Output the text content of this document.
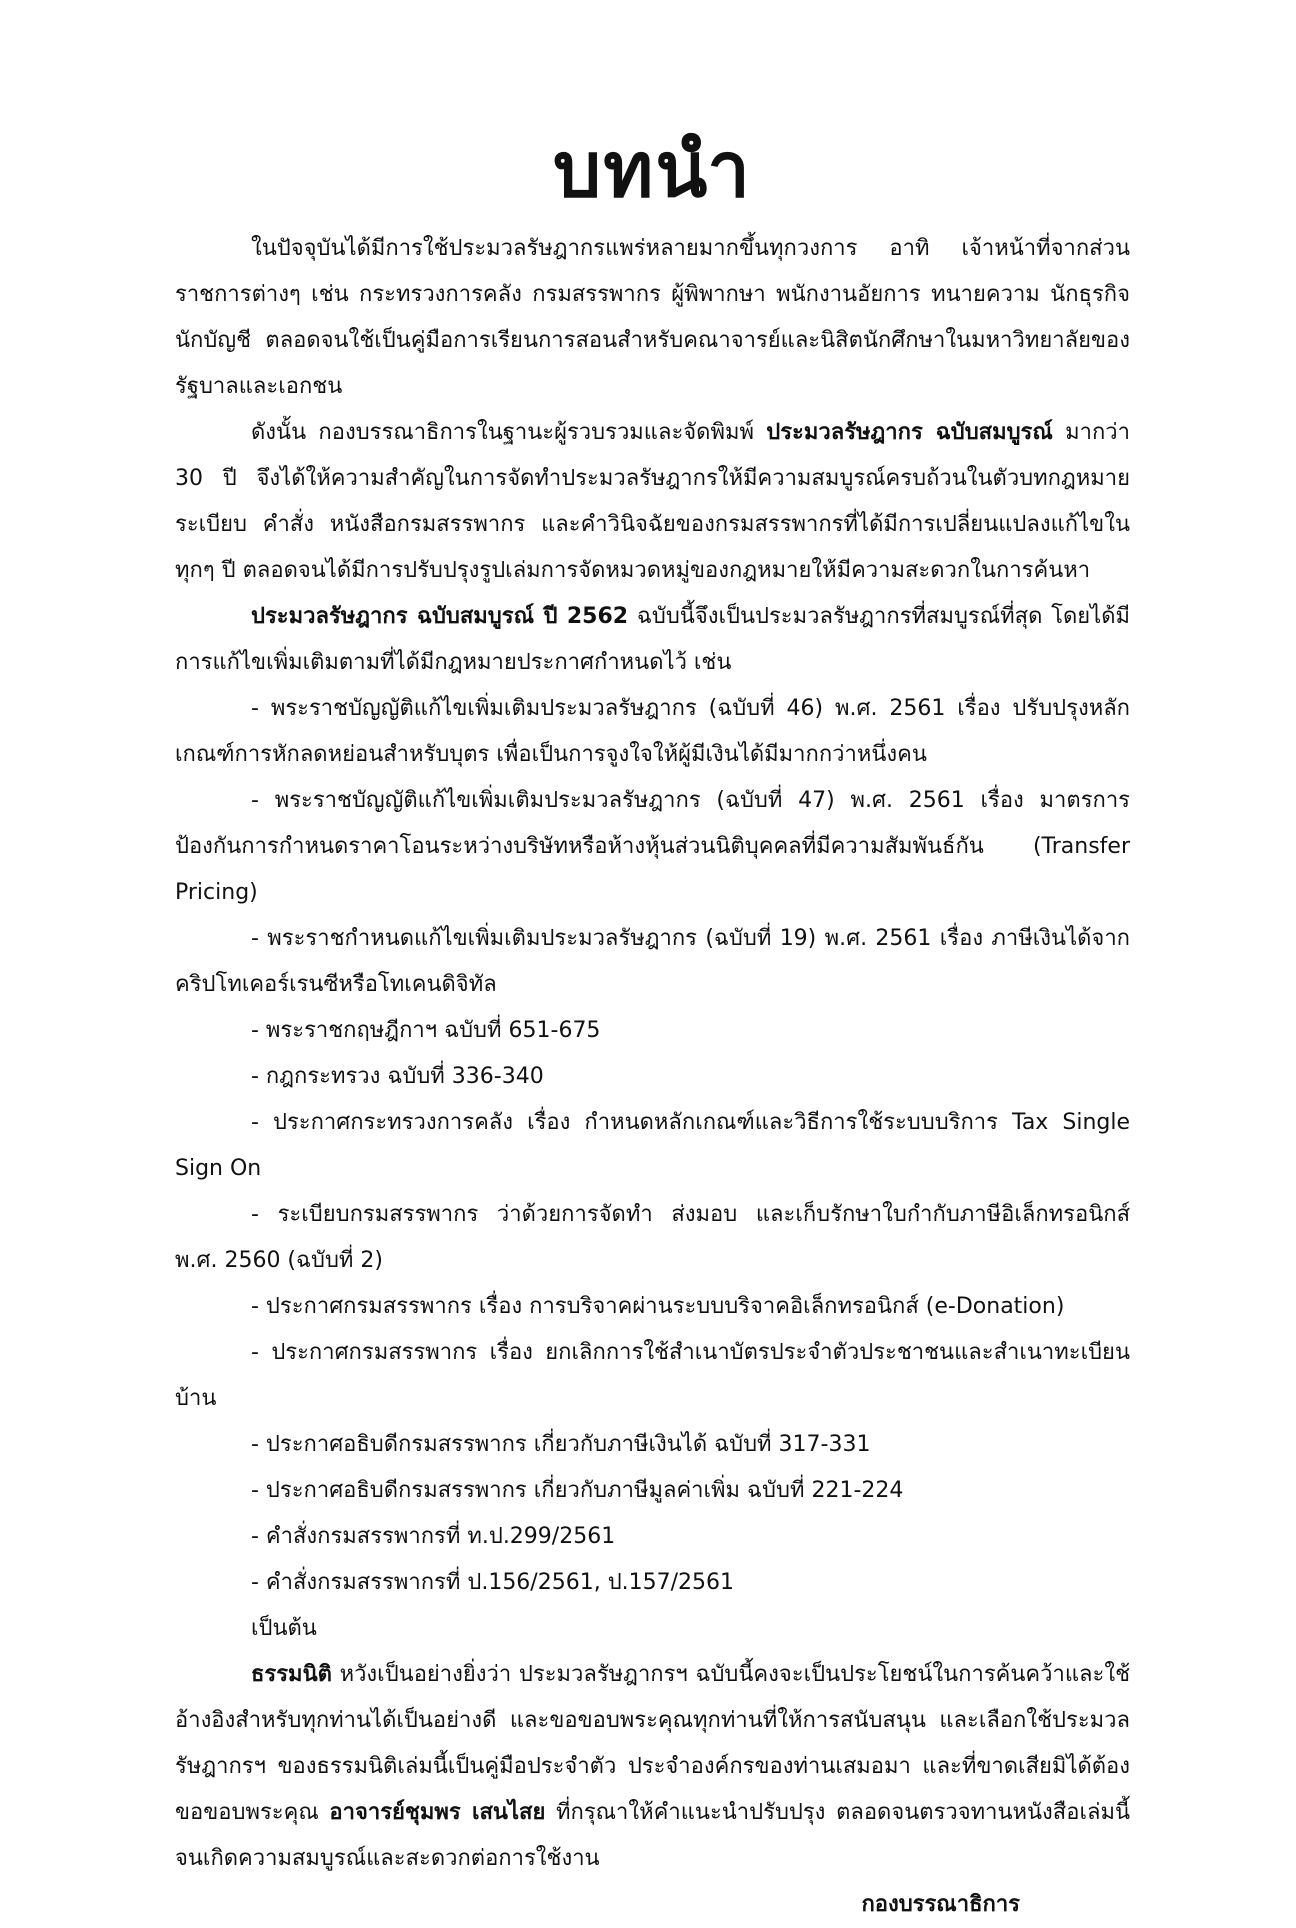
บทนำ

ในปัจจุบันได้มีการใช้ประมวลรัษฎากรแพร่หลายมากขึ้นทุกวงการ อาทิ เจ้าหน้าที่จากส่วนราชการต่างๆ เช่น กระทรวงการคลัง กรมสรรพากร ผู้พิพากษา พนักงานอัยการ ทนายความ นักธุรกิจ นักบัญชี ตลอดจนใช้เป็นคู่มือการเรียนการสอนสำหรับคณาจารย์และนิสิตนักศึกษาในมหาวิทยาลัยของรัฐบาลและเอกชน

ดังนั้น กองบรรณาธิการในฐานะผู้รวบรวมและจัดพิมพ์ ประมวลรัษฎากร ฉบับสมบูรณ์ มากว่า 30 ปี จึงได้ให้ความสำคัญในการจัดทำประมวลรัษฎากรให้มีความสมบูรณ์ครบถ้วนในตัวบทกฎหมาย ระเบียบ คำสั่ง หนังสือกรมสรรพากร และคำวินิจฉัยของกรมสรรพากรที่ได้มีการเปลี่ยนแปลงแก้ไขในทุกๆ ปี ตลอดจนได้มีการปรับปรุงรูปเล่มการจัดหมวดหมู่ของกฎหมายให้มีความสะดวกในการค้นหา

ประมวลรัษฎากร ฉบับสมบูรณ์ ปี 2562 ฉบับนี้จึงเป็นประมวลรัษฎากรที่สมบูรณ์ที่สุด โดยได้มีการแก้ไขเพิ่มเติมตามที่ได้มีกฎหมายประกาศกำหนดไว้ เช่น

- พระราชบัญญัติแก้ไขเพิ่มเติมประมวลรัษฎากร (ฉบับที่ 46) พ.ศ. 2561 เรื่อง ปรับปรุงหลักเกณฑ์การหักลดหย่อนสำหรับบุตร เพื่อเป็นการจูงใจให้ผู้มีเงินได้มีมากกว่าหนึ่งคน

- พระราชบัญญัติแก้ไขเพิ่มเติมประมวลรัษฎากร (ฉบับที่ 47) พ.ศ. 2561 เรื่อง มาตรการป้องกันการกำหนดราคาโอนระหว่างบริษัทหรือห้างหุ้นส่วนนิติบุคคลที่มีความสัมพันธ์กัน (Transfer Pricing)

- พระราชกำหนดแก้ไขเพิ่มเติมประมวลรัษฎากร (ฉบับที่ 19) พ.ศ. 2561 เรื่อง ภาษีเงินได้จากคริปโทเคอร์เรนซีหรือโทเคนดิจิทัล

- พระราชกฤษฎีกาฯ ฉบับที่ 651-675

- กฎกระทรวง ฉบับที่ 336-340

- ประกาศกระทรวงการคลัง เรื่อง กำหนดหลักเกณฑ์และวิธีการใช้ระบบบริการ Tax Single Sign On

- ระเบียบกรมสรรพากร ว่าด้วยการจัดทำ ส่งมอบ และเก็บรักษาใบกำกับภาษีอิเล็กทรอนิกส์ พ.ศ. 2560 (ฉบับที่ 2)

- ประกาศกรมสรรพากร เรื่อง การบริจาคผ่านระบบบริจาคอิเล็กทรอนิกส์ (e-Donation)

- ประกาศกรมสรรพากร เรื่อง ยกเลิกการใช้สำเนาบัตรประจำตัวประชาชนและสำเนาทะเบียนบ้าน

- ประกาศอธิบดีกรมสรรพากร เกี่ยวกับภาษีเงินได้ ฉบับที่ 317-331

- ประกาศอธิบดีกรมสรรพากร เกี่ยวกับภาษีมูลค่าเพิ่ม ฉบับที่ 221-224

- คำสั่งกรมสรรพากรที่ ท.ป.299/2561

- คำสั่งกรมสรรพากรที่ ป.156/2561, ป.157/2561

เป็นต้น

ธรรมนิติ หวังเป็นอย่างยิ่งว่า ประมวลรัษฎากรฯ ฉบับนี้คงจะเป็นประโยชน์ในการค้นคว้าและใช้อ้างอิงสำหรับทุกท่านได้เป็นอย่างดี และขอขอบพระคุณทุกท่านที่ให้การสนับสนุน และเลือกใช้ประมวลรัษฎากรฯ ของธรรมนิติเล่มนี้เป็นคู่มือประจำตัว ประจำองค์กรของท่านเสมอมา และที่ขาดเสียมิได้ต้องขอขอบพระคุณ อาจารย์ชุมพร เสนไสย ที่กรุณาให้คำแนะนำปรับปรุง ตลอดจนตรวจทานหนังสือเล่มนี้จนเกิดความสมบูรณ์และสะดวกต่อการใช้งาน

กองบรรณาธิการ
